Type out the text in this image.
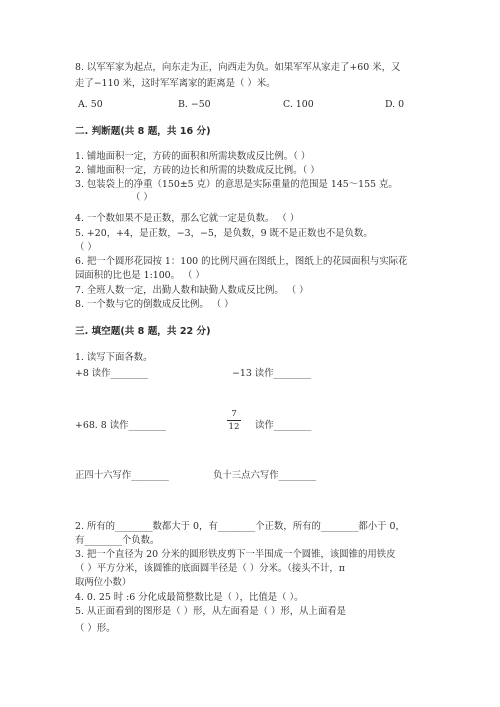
8. 以军军家为起点，向东走为正，向西走为负。如果军军从家走了+60 米，又
走了−110 米，这时军军离家的距离是（ ）米。
A. 50	B. −50	C. 100	D. 0
二. 判断题(共 8 题，共 16 分)
1. 铺地面积一定，方砖的面积和所需块数成反比例。（ ）
2. 铺地面积一定，方砖的边长和所需的块数成反比例。（ ）
3. 包装袋上的净重（150±5 克）的意思是实际重量的范围是 145～155 克。
（ ）
4. 一个数如果不是正数，那么它就一定是负数。 （ ）
5. +20，+4，是正数，−3，−5，是负数，9 既不是正数也不是负数。
（ ）
6. 把一个圆形花园按 1：100 的比例尺画在图纸上，图纸上的花园面积与实际花
园面积的比也是 1:100。 （ ）
7. 全班人数一定，出勤人数和缺勤人数成反比例。 （ ）
8. 一个数与它的倒数成反比例。 （ ）
三. 填空题(共 8 题，共 22 分)
1. 读写下面各数。
+8 读作________	−13 读作________
+68. 8 读作________
7
12 读作________
正四十六写作________	负十三点六写作________
2. 所有的________数都大于 0，有________个正数，所有的________都小于 0，
有________个负数。
3. 把一个直径为 20 分米的圆形铁皮剪下一半围成一个圆锥，该圆锥的用铁皮
（ ）平方分米，该圆锥的底面圆半径是（ ）分米。（接头不计，π
取两位小数）
4. 0. 25 时 :6 分化成最简整数比是（ ），比值是（ ）。
5. 从正面看到的图形是（ ）形，从左面看是（ ）形，从上面看是
（ ）形。
